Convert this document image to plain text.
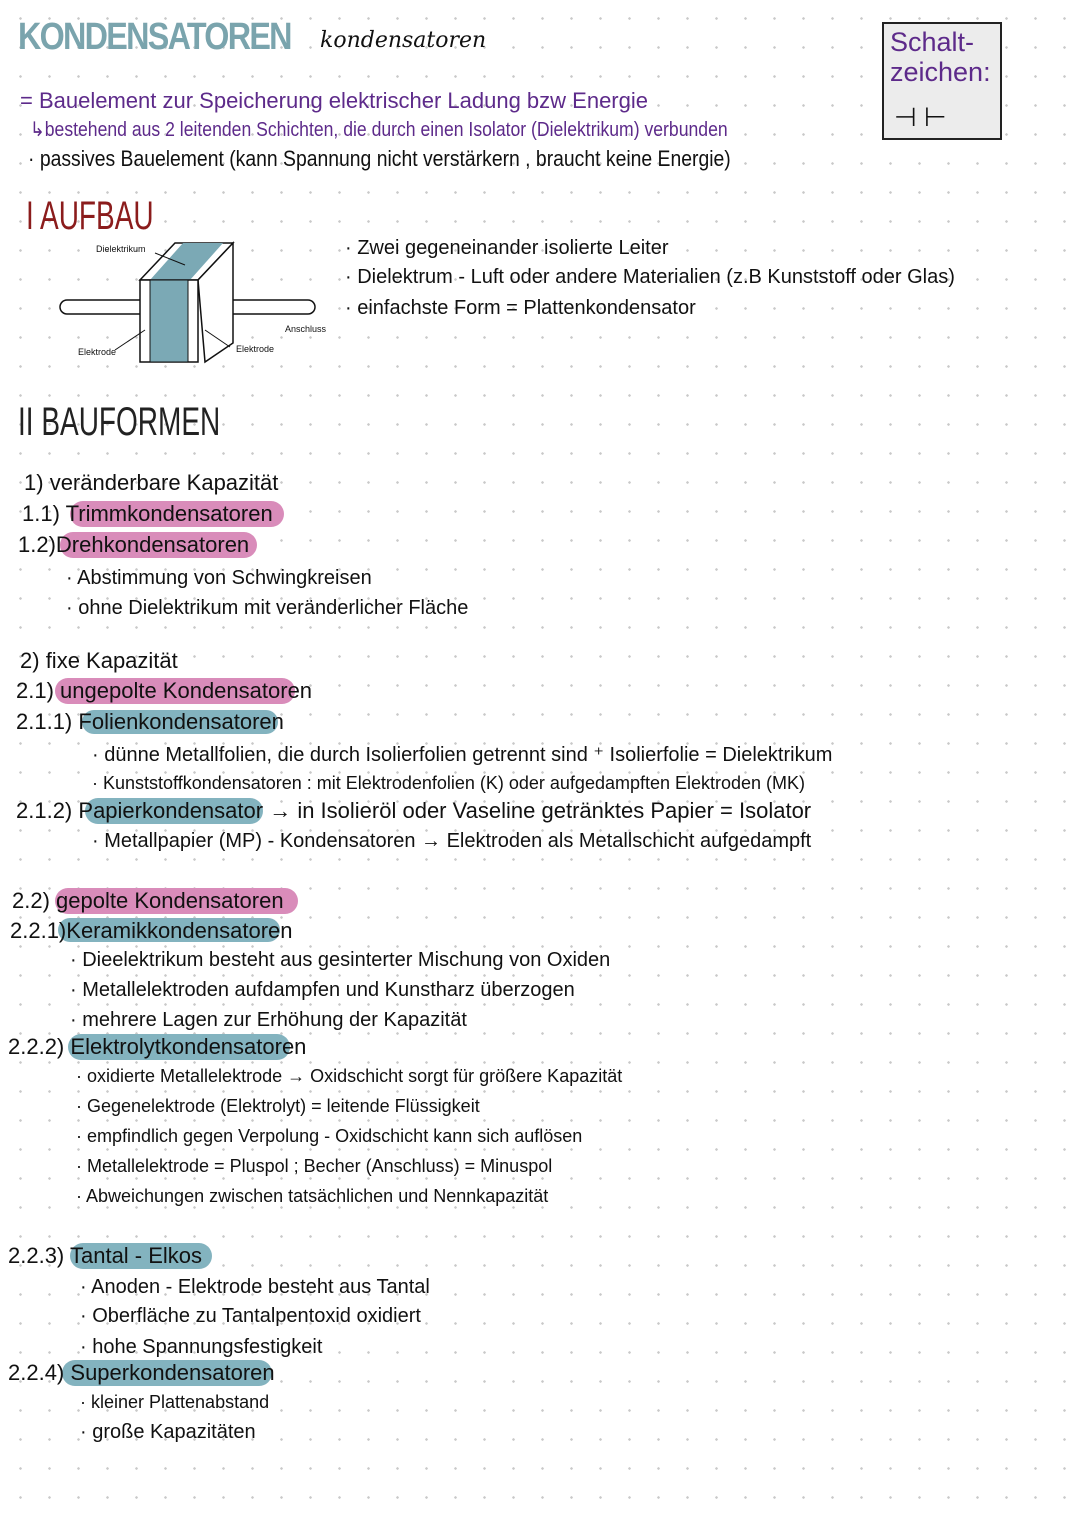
KONDENSATOREN kondensatoren	Schalt-
zeichen:
⊣ ⊢
= Bauelement zur Speicherung elektrischer Ladung bzw Energie
↳bestehend aus 2 leitenden Schichten, die durch einen Isolator (Dielektrikum) verbunden
· passives Bauelement (kann Spannung nicht verstärkern , braucht keine Energie)
I AUFBAU
Dielektrikum
Anschluss
Elektrode	Elektrode
· Zwei gegeneinander isolierte Leiter
· Dielektrum - Luft oder andere Materialien (z.B Kunststoff oder Glas)
· einfachste Form = Plattenkondensator
II BAUFORMEN
1) veränderbare Kapazität
1.1) Trimmkondensatoren
1.2)Drehkondensatoren
· Abstimmung von Schwingkreisen
· ohne Dielektrikum mit veränderlicher Fläche
2) fixe Kapazität
2.1) ungepolte Kondensatoren
2.1.1) Folienkondensatoren
· dünne Metallfolien, die durch Isolierfolien getrennt sind ⁺ Isolierfolie = Dielektrikum
· Kunststoffkondensatoren : mit Elektrodenfolien (K) oder aufgedampften Elektroden (MK)
2.1.2) Papierkondensator → in Isolieröl oder Vaseline getränktes Papier = Isolator
· Metallpapier (MP) - Kondensatoren → Elektroden als Metallschicht aufgedampft
2.2) gepolte Kondensatoren
2.2.1)Keramikkondensatoren
· Dieelektrikum besteht aus gesinterter Mischung von Oxiden
· Metallelektroden aufdampfen und Kunstharz überzogen
· mehrere Lagen zur Erhöhung der Kapazität
2.2.2) Elektrolytkondensatoren
· oxidierte Metallelektrode → Oxidschicht sorgt für größere Kapazität
· Gegenelektrode (Elektrolyt) = leitende Flüssigkeit
· empfindlich gegen Verpolung - Oxidschicht kann sich auflösen
· Metallelektrode = Pluspol ; Becher (Anschluss) = Minuspol
· Abweichungen zwischen tatsächlichen und Nennkapazität
2.2.3) Tantal - Elkos
· Anoden - Elektrode besteht aus Tantal
· Oberfläche zu Tantalpentoxid oxidiert
· hohe Spannungsfestigkeit
2.2.4) Superkondensatoren
· kleiner Plattenabstand
· große Kapazitäten
